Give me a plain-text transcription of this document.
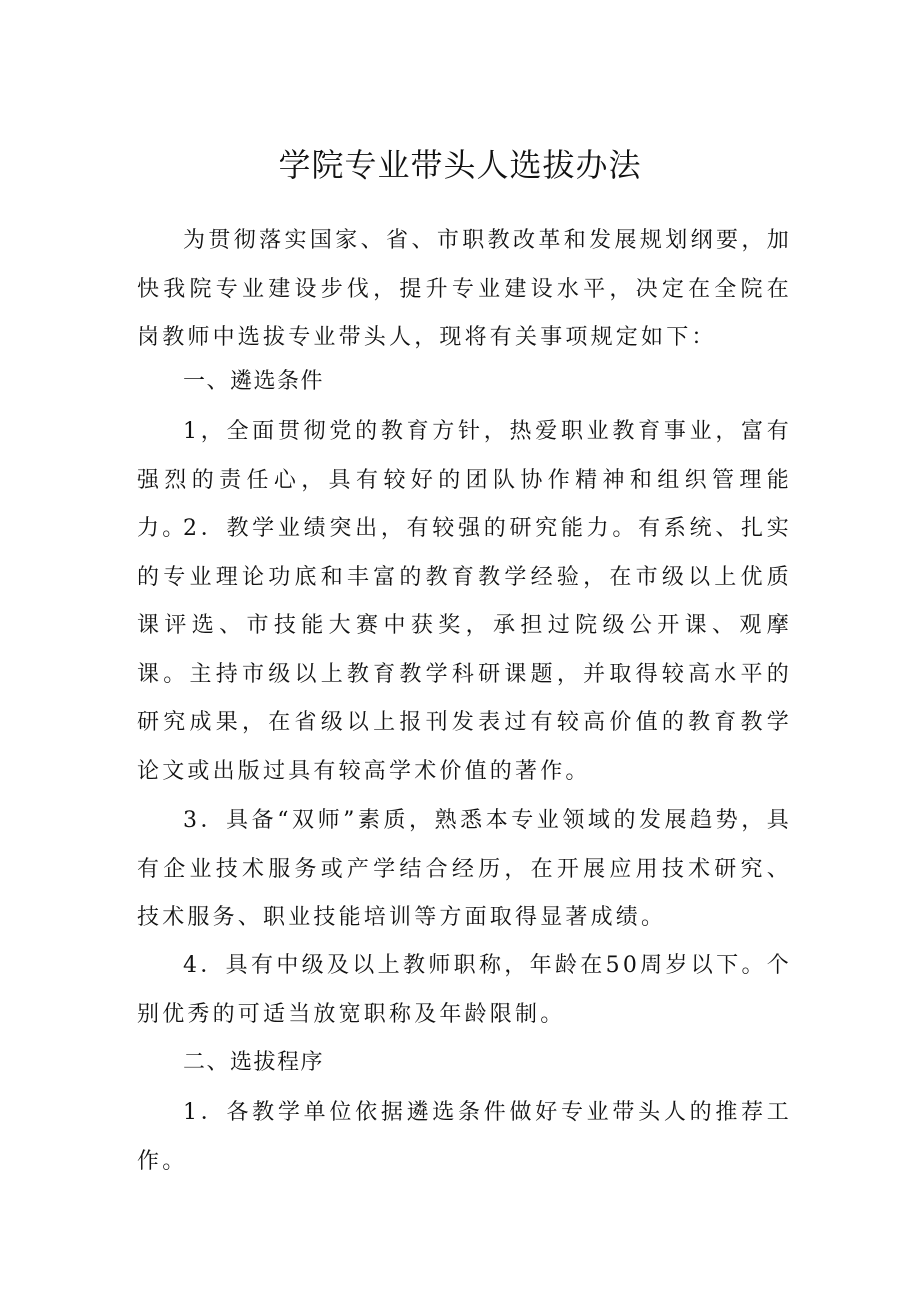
学院专业带头人选拔办法

为贯彻落实国家、省、市职教改革和发展规划纲要，加快我院专业建设步伐，提升专业建设水平，决定在全院在岗教师中选拔专业带头人，现将有关事项规定如下：

一、遴选条件

1，全面贯彻党的教育方针，热爱职业教育事业，富有强烈的责任心，具有较好的团队协作精神和组织管理能力。

2．教学业绩突出，有较强的研究能力。有系统、扎实的专业理论功底和丰富的教育教学经验，在市级以上优质课评选、市技能大赛中获奖，承担过院级公开课、观摩课。主持市级以上教育教学科研课题，并取得较高水平的研究成果，在省级以上报刊发表过有较高价值的教育教学论文或出版过具有较高学术价值的著作。

3．具备“双师”素质，熟悉本专业领域的发展趋势，具有企业技术服务或产学结合经历，在开展应用技术研究、技术服务、职业技能培训等方面取得显著成绩。

4．具有中级及以上教师职称，年龄在50周岁以下。个别优秀的可适当放宽职称及年龄限制。

二、选拔程序

1．各教学单位依据遴选条件做好专业带头人的推荐工作。
